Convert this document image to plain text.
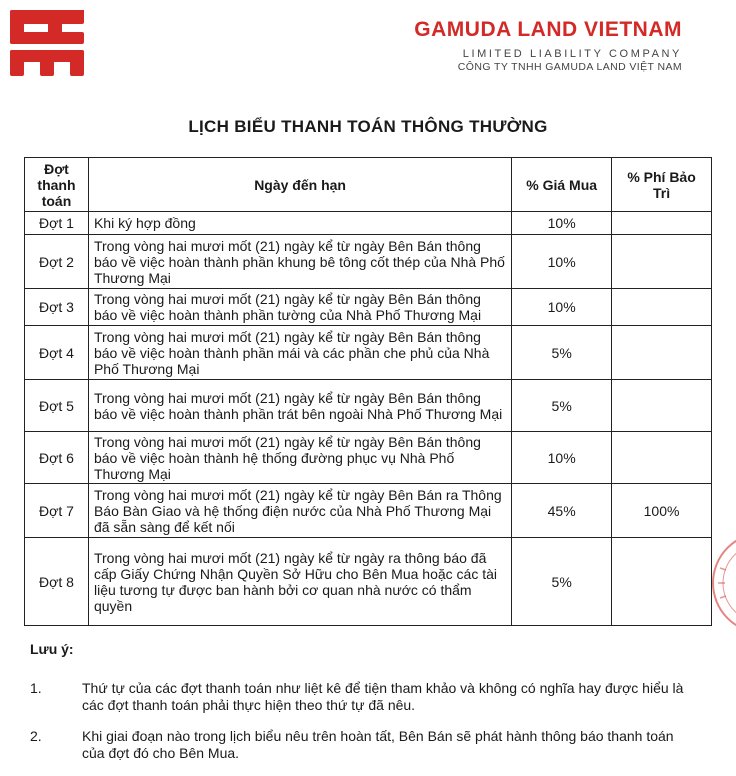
GAMUDA LAND VIETNAM
LIMITED LIABILITY COMPANY
CÔNG TY TNHH GAMUDA LAND VIỆT NAM
LỊCH BIỂU THANH TOÁN THÔNG THƯỜNG
Đợt thanh toán	Ngày đến hạn	% Giá Mua	% Phí Bảo Trì
Đợt 1	Khi ký hợp đồng	10%	
Đợt 2	Trong vòng hai mươi mốt (21) ngày kể từ ngày Bên Bán thông báo về việc hoàn thành phần khung bê tông cốt thép của Nhà Phố Thương Mại	10%	
Đợt 3	Trong vòng hai mươi mốt (21) ngày kể từ ngày Bên Bán thông báo về việc hoàn thành phần tường của Nhà Phố Thương Mại	10%	
Đợt 4	Trong vòng hai mươi mốt (21) ngày kể từ ngày Bên Bán thông báo về việc hoàn thành phần mái và các phần che phủ của Nhà Phố Thương Mại	5%	
Đợt 5	Trong vòng hai mươi mốt (21) ngày kể từ ngày Bên Bán thông báo về việc hoàn thành phần trát bên ngoài Nhà Phố Thương Mại	5%	
Đợt 6	Trong vòng hai mươi mốt (21) ngày kể từ ngày Bên Bán thông báo về việc hoàn thành hệ thống đường phục vụ Nhà Phố Thương Mại	10%	
Đợt 7	Trong vòng hai mươi mốt (21) ngày kể từ ngày Bên Bán ra Thông Báo Bàn Giao và hệ thống điện nước của Nhà Phố Thương Mại đã sẵn sàng để kết nối	45%	100%
Đợt 8	Trong vòng hai mươi mốt (21) ngày kể từ ngày ra thông báo đã cấp Giấy Chứng Nhận Quyền Sở Hữu cho Bên Mua hoặc các tài liệu tương tự được ban hành bởi cơ quan nhà nước có thẩm quyền	5%	
Lưu ý:
1.	Thứ tự của các đợt thanh toán như liệt kê để tiện tham khảo và không có nghĩa hay được hiểu là các đợt thanh toán phải thực hiện theo thứ tự đã nêu.
2.	Khi giai đoạn nào trong lịch biểu nêu trên hoàn tất, Bên Bán sẽ phát hành thông báo thanh toán của đợt đó cho Bên Mua.
